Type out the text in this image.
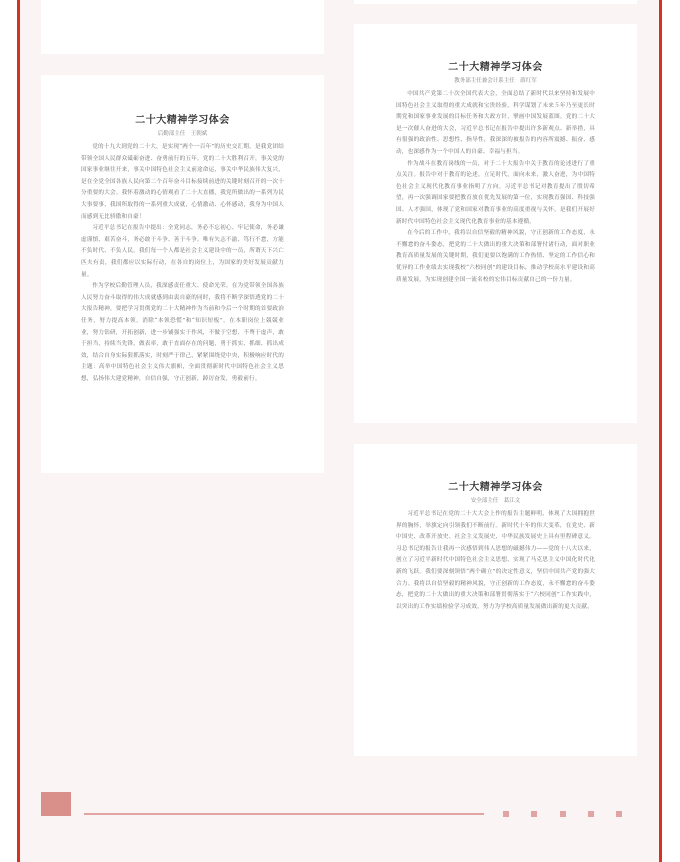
二十大精神学习体会
后勤部主任　王朝斌

党的十九大到党的二十大，是实现“两个一百年”的历史交汇期，是我党团结带领全国人民群众砥砺奋进、奋勇前行的五年。党的二十大胜利召开，事关党的国家事业继往开来，事关中国特色社会主义前途命运，事关中华民族伟大复兴，是在全党全国各族人民向第二个百年奋斗目标接续前进的关键时刻召开的一次十分重要的大会。我怀着激动的心情观看了二十大直播，我党所做出的一系列为民大事要事，我国所取得的一系列重大成就，心情激动、心怀感动，我身为中国人而感到无比骄傲和自豪！

习近平总书记在报告中提出：全党同志，务必不忘初心、牢记使命，务必谦虚谨慎、艰苦奋斗，务必敢于斗争、善于斗争。唯有矢志不渝、笃行不怠，方能不负时代、不负人民。我们每一个人都是社会主义建设中的一员，所谓天下兴亡匹夫有责，我们都应以实际行动，在各自的岗位上，为国家的美好发展贡献力量。

作为学校后勤管理人员，我深感责任重大、使命光荣。在为党带领全国各族人民努力奋斗取得的伟大成就感到由衷自豪的同时，我将不断学深悟透党的二十大报告精神，要把学习贯彻党的二十大精神作为当前和今后一个时期的首要政治任务，努力提高本领，消除“本领恐慌”和“知识短板”，在本职岗位上兢兢业业，努力钻研，开拓创新，进一步铺强实干作风，不做于空想、不骛于虚声，敢于担当，持续当先锋，做表率，敢于直面存在的问题，勇于抓实、抓细、抓出成效，结合自身实际狠抓落实，时刻严于律己，紧紧围绕党中央，积极响应时代的主题：高举中国特色社会主义伟大旗帜，全面贯彻新时代中国特色社会主义思想，弘扬伟大建党精神，自信自强，守正创新，踔厉奋发，勇毅前行。

二十大精神学习体会
教务部主任兼会计系主任　薛红军

中国共产党第二十次全国代表大会，全面总结了新时代以来坚持和发展中国特色社会主义取得的重大成就和宝贵经验，科学谋划了未来５年乃至更长时期党和国家事业发展的目标任务和大政方针，擘画中国发展蓝图。党的二十大是一次催人奋进的大会，习近平总书记在报告中提出许多新观点、新举措，具有很强的政治性、思想性、指导性，我深深的被报告的内容所震撼、振奋、感动，也深感作为一个中国人的自豪、幸福与担当。

作为战斗在教育岗线的一员，对于二十大报告中关于教育的论述进行了重点关注。报告中对于教育的论述，立足时代，面向未来，激人奋进，为中国特色社会主义现代化教育事业指明了方向。习近平总书记对教育提出了殷切希望，再一次强调国家要把教育放在优先发展的第一位，实现教育强国、科技强国、人才强国，体现了党和国家对教育事业的高度重视与关怀，是我们开展好新时代中国特色社会主义现代化教育事业的基本遵循。

在今后的工作中，我将以自信坚毅的精神风貌，守正创新的工作态度，永不懈怠的奋斗姿态，把党的二十大做出的重大决策和部署付诸行动，面对职业教育高质量发展的关键时期，我们更要以饱满的工作热情、坚定的工作信心和优异的工作业绩去实现我校“六校同创”的建设目标，推动学校高水平建设和高质量发展，为实现创建全国一流名校的宏伟目标贡献自己的一份力量。

二十大精神学习体会
安全部主任　葛江文

习近平总书记在党的二十大大会上作的报告主题鲜明，体现了大国拥抱世界的胸怀，举旗定向引领我们不断前行。新时代十年的伟大变革，在党史、新中国史、改革开放史、社会主义发展史、中华民族发展史上具有里程碑意义。习总书记的报告让我再一次感悟到伟人思想的磁撼伟力——党的十八大以来，创立了习近平新时代中国特色社会主义思想，实现了马克思主义中国化时代化新的飞跃。我们要深刻领悟“两个确立”的决定性意义，坚信中国共产党的强大合力。我将以自信坚毅的精神风貌，守正创新的工作态度，永不懈怠的奋斗姿态，把党的二十大做出的重大决策和部署贯彻落实于“六校同创”工作实践中，以突出的工作实绩检验学习成效，努力为学校高质量发展做出新的更大贡献。
